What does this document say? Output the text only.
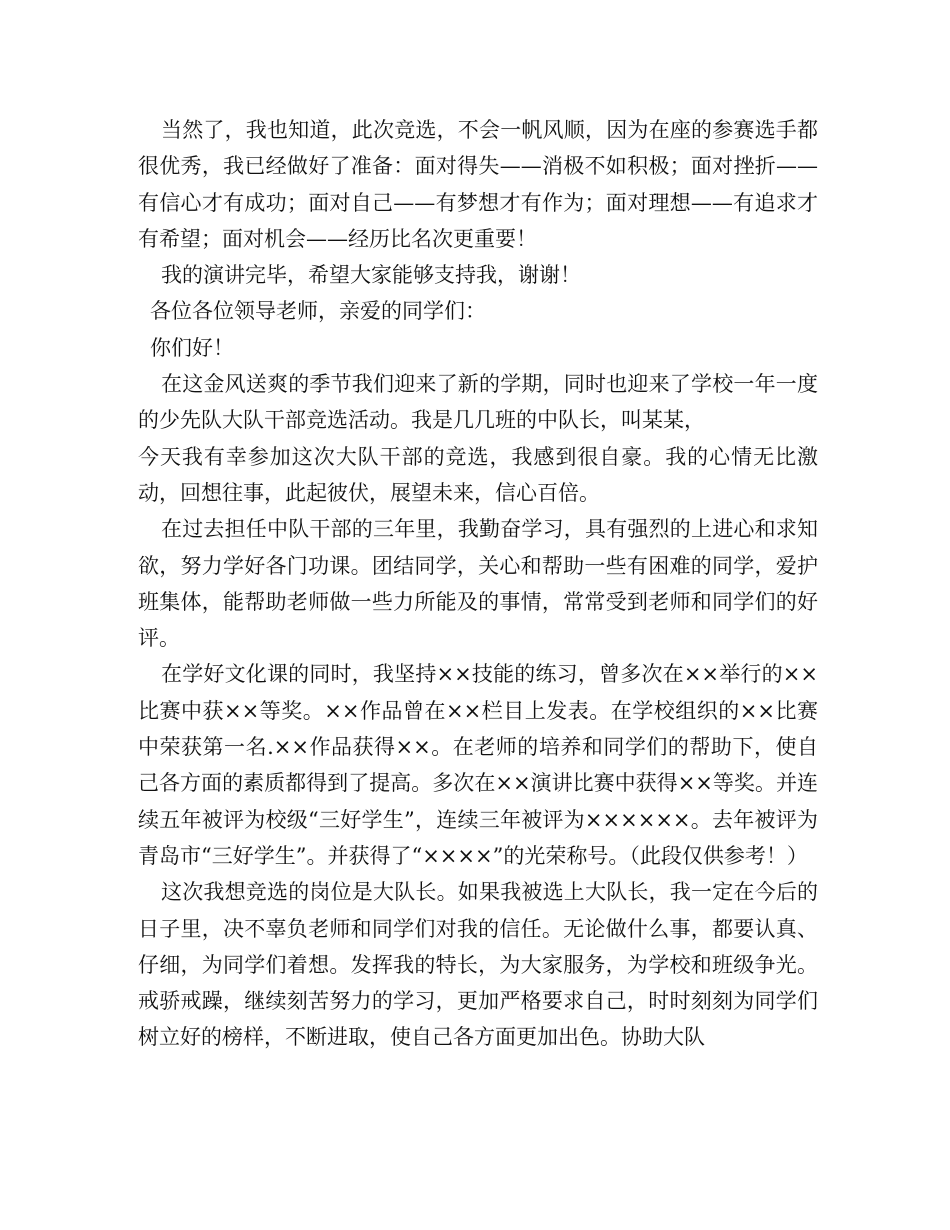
当然了，我也知道，此次竞选，不会一帆风顺，因为在座的参赛选手都很优秀，我已经做好了准备：面对得失——消极不如积极；面对挫折——有信心才有成功；面对自己——有梦想才有作为；面对理想——有追求才有希望；面对机会——经历比名次更重要！

我的演讲完毕，希望大家能够支持我，谢谢！

各位各位领导老师，亲爱的同学们：

你们好！

在这金风送爽的季节我们迎来了新的学期，同时也迎来了学校一年一度的少先队大队干部竞选活动。我是几几班的中队长，叫某某，

今天我有幸参加这次大队干部的竞选，我感到很自豪。我的心情无比激动，回想往事，此起彼伏，展望未来，信心百倍。

在过去担任中队干部的三年里，我勤奋学习，具有强烈的上进心和求知欲，努力学好各门功课。团结同学，关心和帮助一些有困难的同学，爱护班集体，能帮助老师做一些力所能及的事情，常常受到老师和同学们的好评。

在学好文化课的同时，我坚持××技能的练习，曾多次在××举行的××比赛中获××等奖。××作品曾在××栏目上发表。在学校组织的××比赛中荣获第一名.××作品获得××。在老师的培养和同学们的帮助下，使自己各方面的素质都得到了提高。多次在××演讲比赛中获得××等奖。并连续五年被评为校级“三好学生”，连续三年被评为××××××。去年被评为青岛市“三好学生”。并获得了“××××”的光荣称号。（此段仅供参考！）

这次我想竞选的岗位是大队长。如果我被选上大队长，我一定在今后的日子里，决不辜负老师和同学们对我的信任。无论做什么事，都要认真、仔细，为同学们着想。发挥我的特长，为大家服务，为学校和班级争光。戒骄戒躁，继续刻苦努力的学习，更加严格要求自己，时时刻刻为同学们树立好的榜样，不断进取，使自己各方面更加出色。协助大队
